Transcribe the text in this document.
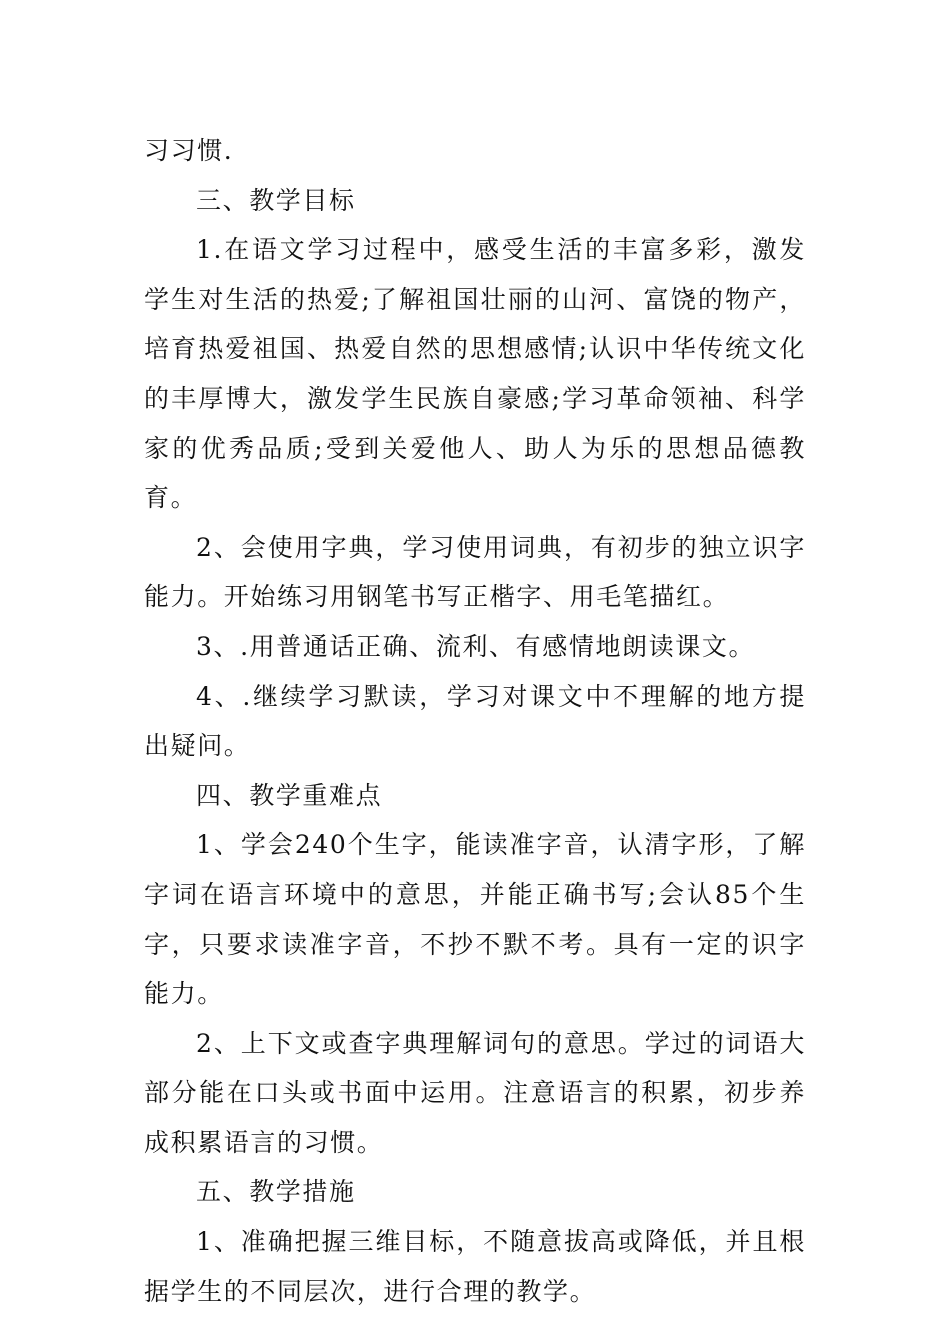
习习惯.

三、教学目标

1.在语文学习过程中，感受生活的丰富多彩，激发学生对生活的热爱;了解祖国壮丽的山河、富饶的物产，培育热爱祖国、热爱自然的思想感情;认识中华传统文化的丰厚博大，激发学生民族自豪感;学习革命领袖、科学家的优秀品质;受到关爱他人、助人为乐的思想品德教育。

2、会使用字典，学习使用词典，有初步的独立识字能力。开始练习用钢笔书写正楷字、用毛笔描红。

3、.用普通话正确、流利、有感情地朗读课文。

4、.继续学习默读，学习对课文中不理解的地方提出疑问。

四、教学重难点

1、学会240个生字，能读准字音，认清字形，了解字词在语言环境中的意思，并能正确书写;会认85个生字，只要求读准字音，不抄不默不考。具有一定的识字能力。

2、上下文或查字典理解词句的意思。学过的词语大部分能在口头或书面中运用。注意语言的积累，初步养成积累语言的习惯。

五、教学措施

1、准确把握三维目标，不随意拔高或降低，并且根据学生的不同层次，进行合理的教学。
